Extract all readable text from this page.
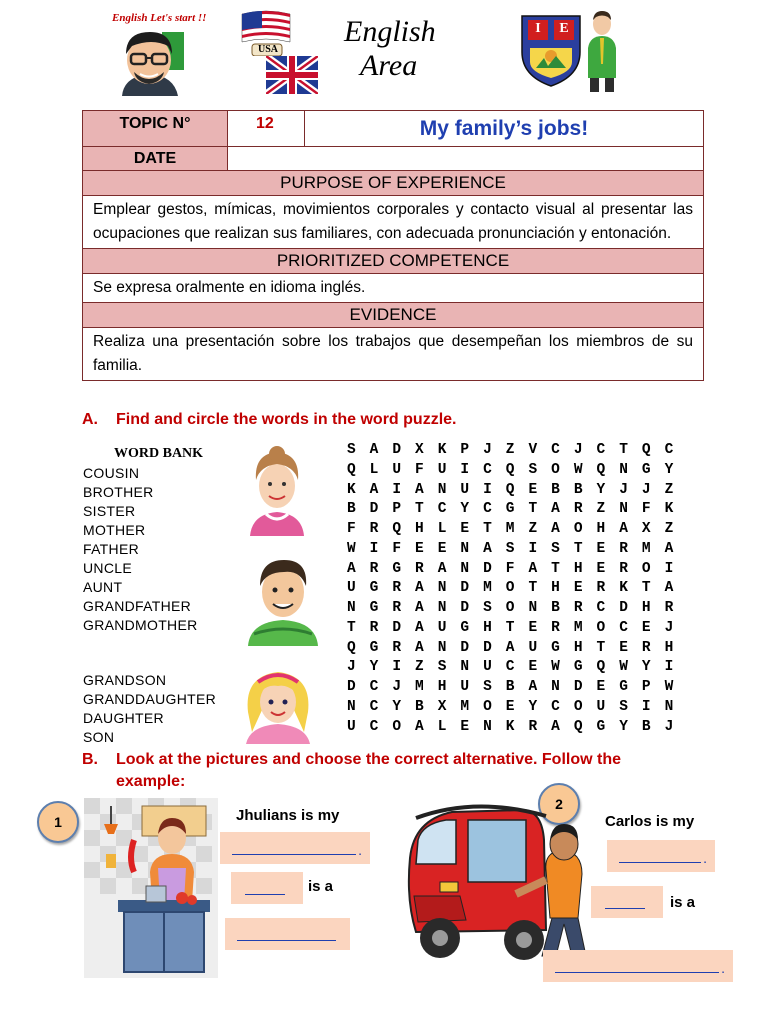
English Let's start !!
USA
English
Area
I	E
TOPIC N°	12	My family’s jobs!
DATE		
PURPOSE OF EXPERIENCE		
Emplear gestos, mímicas, movimientos corporales y contacto visual al presentar las ocupaciones que realizan sus familiares, con adecuada pronunciación y entonación.		
PRIORITIZED COMPETENCE		
Se expresa oralmente en idioma inglés.		
EVIDENCE		
Realiza una presentación sobre los trabajos que desempeñan los miembros de su familia.		
A. Find and circle the words in the word puzzle.
WORD BANK
COUSIN
BROTHER
SISTER
MOTHER
FATHER
UNCLE
AUNT
GRANDFATHER
GRANDMOTHER
GRANDSON
GRANDDAUGHTER
DAUGHTER
SON
S A D X K P J Z V C J C T Q C
Q L U F U I C Q S O W Q N G Y
K A I A N U I Q E B B Y J J Z
B D P T C Y C G T A R Z N F K
F R Q H L E T M Z A O H A X Z
W I F E E N A S I S T E R M A
A R G R A N D F A T H E R O I
U G R A N D M O T H E R K T A
N G R A N D S O N B R C D H R
T R D A U G H T E R M O C E J
Q G R A N D D A U G H T E R H
J Y I Z S N U C E W G Q W Y I
D C J M H U S B A N D E G P W
N C Y B X M O E Y C O U S I N
U C O A L E N K R A Q G Y B J
B. Look at the pictures and choose the correct alternative. Follow the
example:
1	Jhulians is my
.
is a
2
Carlos is my
.
is a
.
